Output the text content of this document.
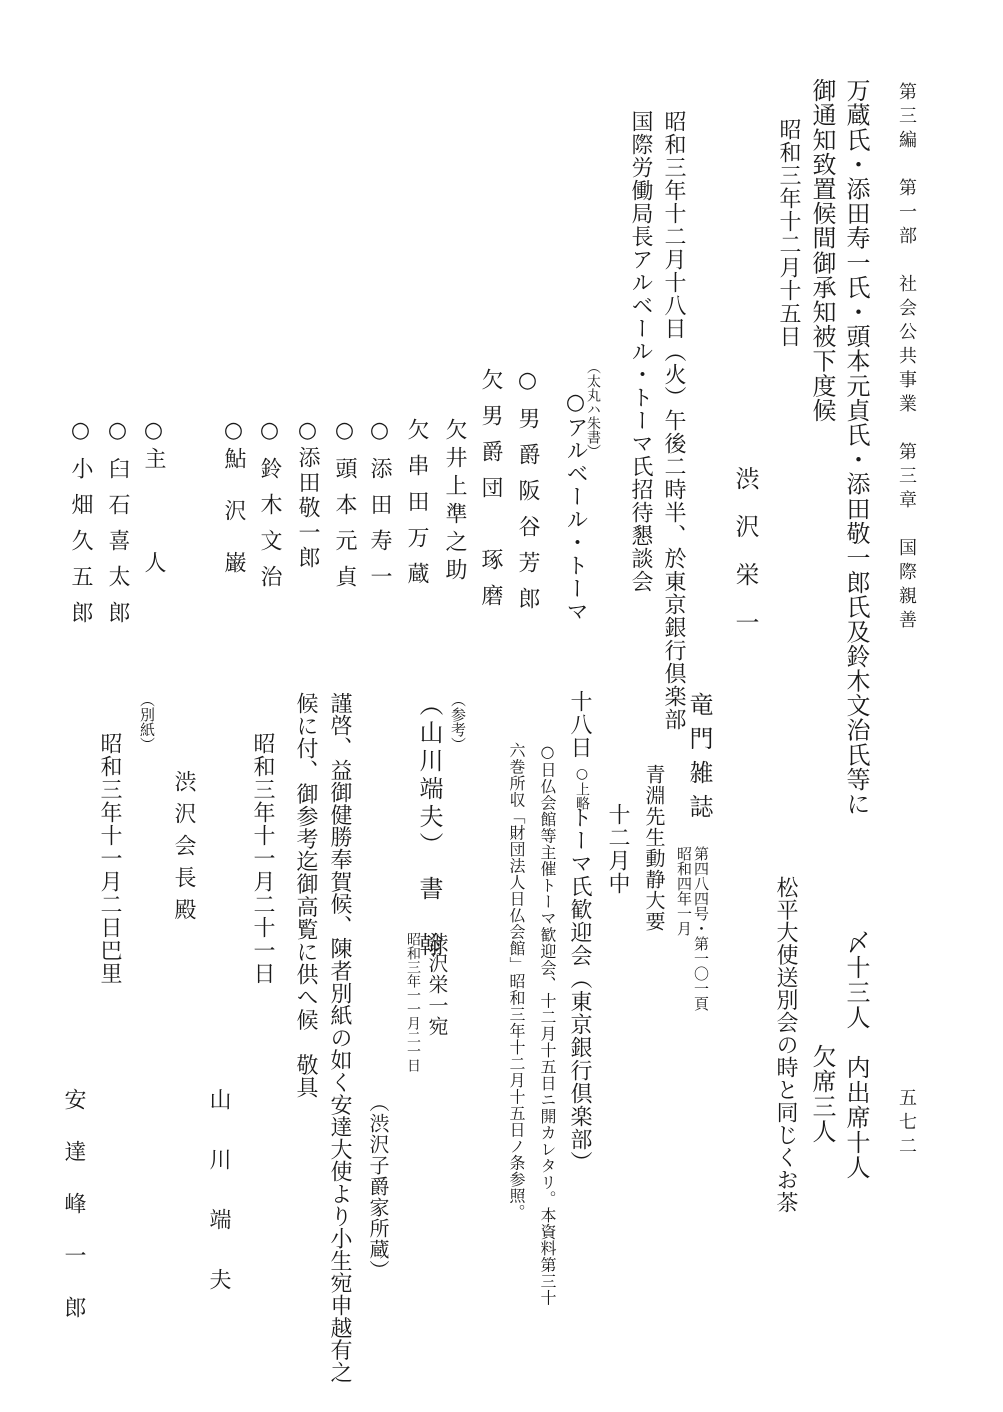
第三編　第一部　社会公共事業　第三章　国際親善
五七二
万蔵氏・添田寿一氏・頭本元貞氏・添田敬一郎氏及鈴木文治氏等に
御通知致置候間御承知被下度候
昭和三年十二月十五日
渋沢栄一
昭和三年十二月十八日（火）午後二時半、於東京銀行倶楽部
国際労働局長アルベール・トーマ氏招待懇談会
（太丸ハ朱書）
○アルベール・トーマ
○男爵阪谷芳郎
欠男爵団　琢磨
欠井上準之助
欠串田万蔵
○添田寿一
○頭本元貞
○添田敬一郎
○鈴木文治
○鮎　沢　巌
○主　　　人
○臼石喜太郎
○小畑久五郎
〆十三人　内出席十人
欠席三人
松平大使送別会の時と同じくお茶
竜門雑誌
第四八四号・第一〇一頁
昭和四年一月
青淵先生動静大要
十二月中
十八日
○上略
トーマ氏歓迎会（東京銀行倶楽部）
○日仏会館等主催トーマ歓迎会、十二月十五日ニ開カレタリ。本資料第三十
六巻所収「財団法人日仏会館」昭和三年十二月十五日ノ条参照。
（参考）
（山川端夫）　書　翰
渋沢栄一宛
昭和三年一一月二一日
（渋沢子爵家所蔵）
謹啓、益御健勝奉賀候、陳者別紙の如く安達大使より小生宛申越有之
候に付、御参考迄御高覧に供へ候　敬具
昭和三年十一月二十一日
山　川　端　夫
渋沢会長殿
（別紙）
昭和三年十一月二日巴里
安　達　峰　一　郎
